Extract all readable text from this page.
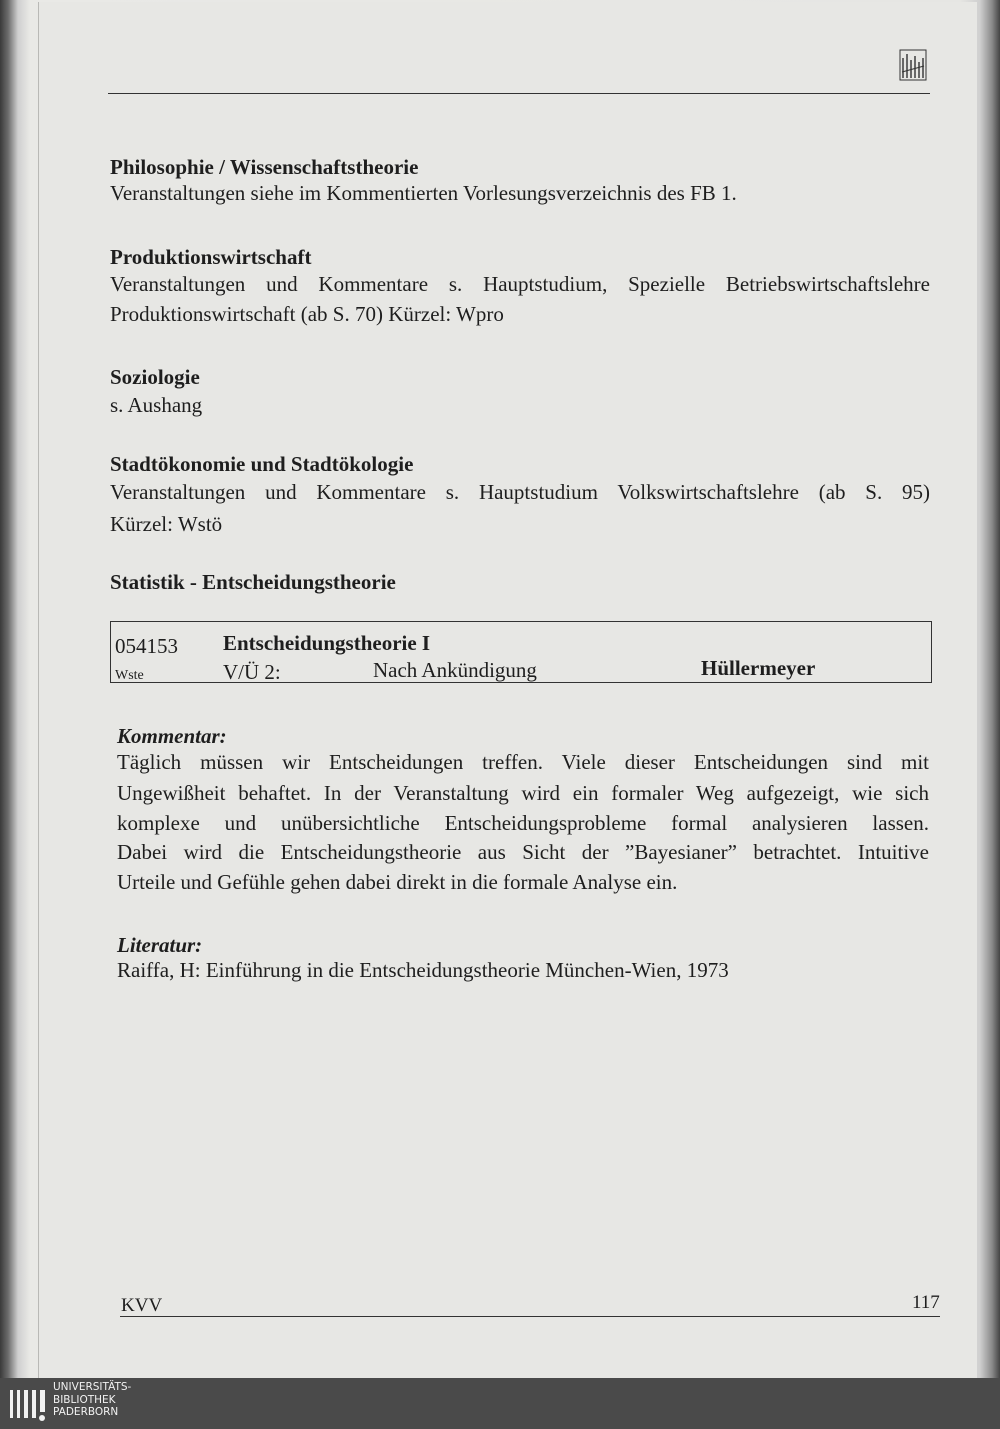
Philosophie / Wissenschaftstheorie
Veranstaltungen siehe im Kommentierten Vorlesungsverzeichnis des FB 1.
Produktionswirtschaft
Veranstaltungen und Kommentare s. Hauptstudium, Spezielle Betriebswirtschaftslehre
Produktionswirtschaft (ab S. 70) Kürzel: Wpro
Soziologie
s. Aushang
Stadtökonomie und Stadtökologie
Veranstaltungen und Kommentare s. Hauptstudium Volkswirtschaftslehre (ab S. 95)
Kürzel: Wstö
Statistik - Entscheidungstheorie
054153 Entscheidungstheorie I
Wste	V/Ü 2:	Nach Ankündigung	Hüllermeyer
Kommentar:
Täglich müssen wir Entscheidungen treffen. Viele dieser Entscheidungen sind mit
Ungewißheit behaftet. In der Veranstaltung wird ein formaler Weg aufgezeigt, wie sich
komplexe und unübersichtliche Entscheidungsprobleme formal analysieren lassen.
Dabei wird die Entscheidungstheorie aus Sicht der ”Bayesianer” betrachtet. Intuitive
Urteile und Gefühle gehen dabei direkt in die formale Analyse ein.
Literatur:
Raiffa, H: Einführung in die Entscheidungstheorie München-Wien, 1973
KVV	117
UNIVERSITÄTS-
BIBLIOTHEK
PADERBORN
